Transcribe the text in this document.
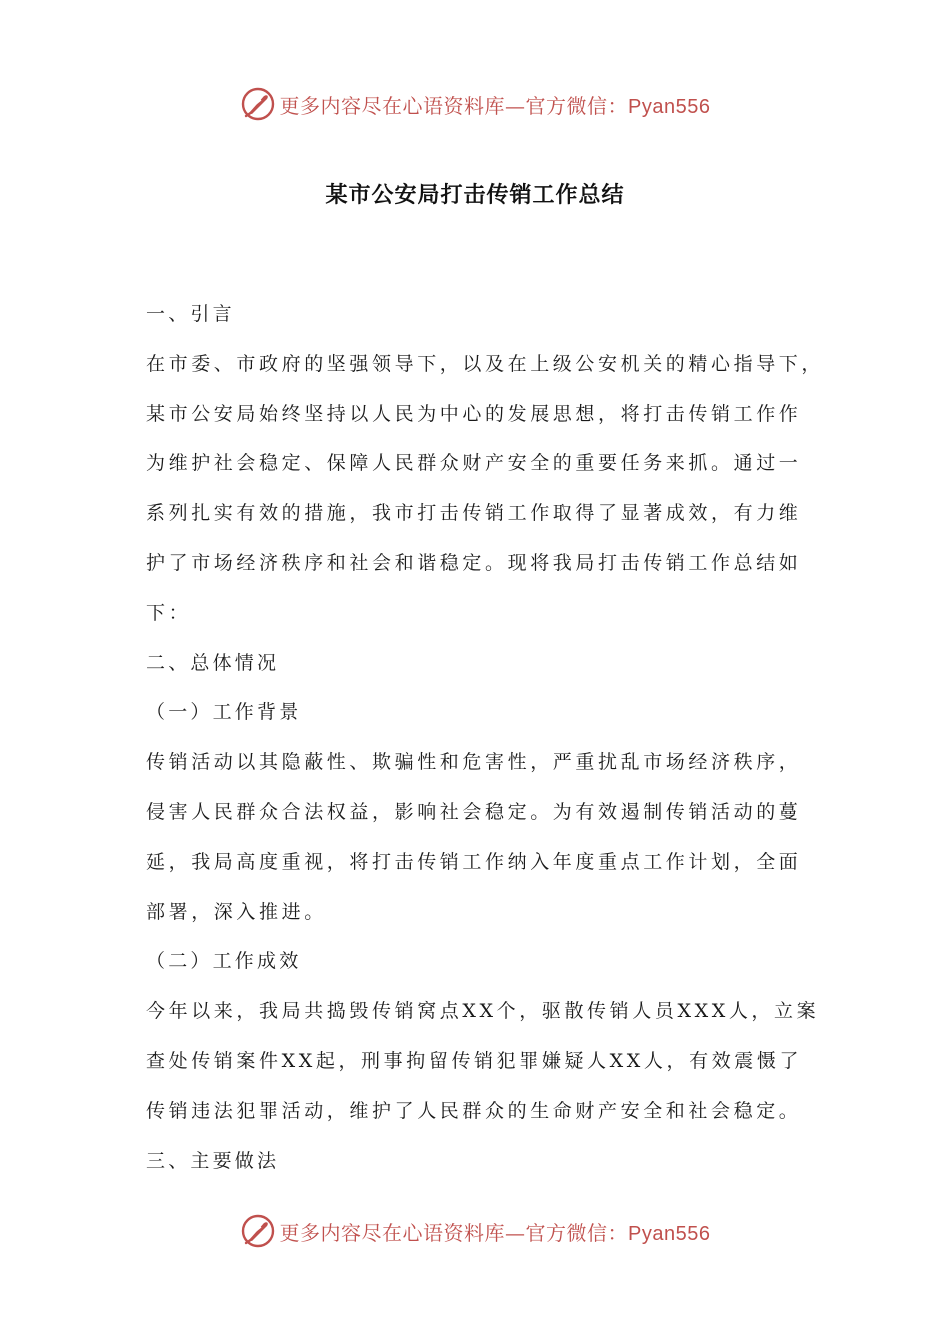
更多内容尽在心语资料库—官方微信：Pyan556
某市公安局打击传销工作总结
一、引言
在市委、市政府的坚强领导下，以及在上级公安机关的精心指导下，
某市公安局始终坚持以人民为中心的发展思想，将打击传销工作作
为维护社会稳定、保障人民群众财产安全的重要任务来抓。通过一
系列扎实有效的措施，我市打击传销工作取得了显著成效，有力维
护了市场经济秩序和社会和谐稳定。现将我局打击传销工作总结如
下：
二、总体情况
（一）工作背景
传销活动以其隐蔽性、欺骗性和危害性，严重扰乱市场经济秩序，
侵害人民群众合法权益，影响社会稳定。为有效遏制传销活动的蔓
延，我局高度重视，将打击传销工作纳入年度重点工作计划，全面
部署，深入推进。
（二）工作成效
今年以来，我局共捣毁传销窝点XX个，驱散传销人员XXX人，立案
查处传销案件XX起，刑事拘留传销犯罪嫌疑人XX人，有效震慑了
传销违法犯罪活动，维护了人民群众的生命财产安全和社会稳定。
三、主要做法
更多内容尽在心语资料库—官方微信：Pyan556
